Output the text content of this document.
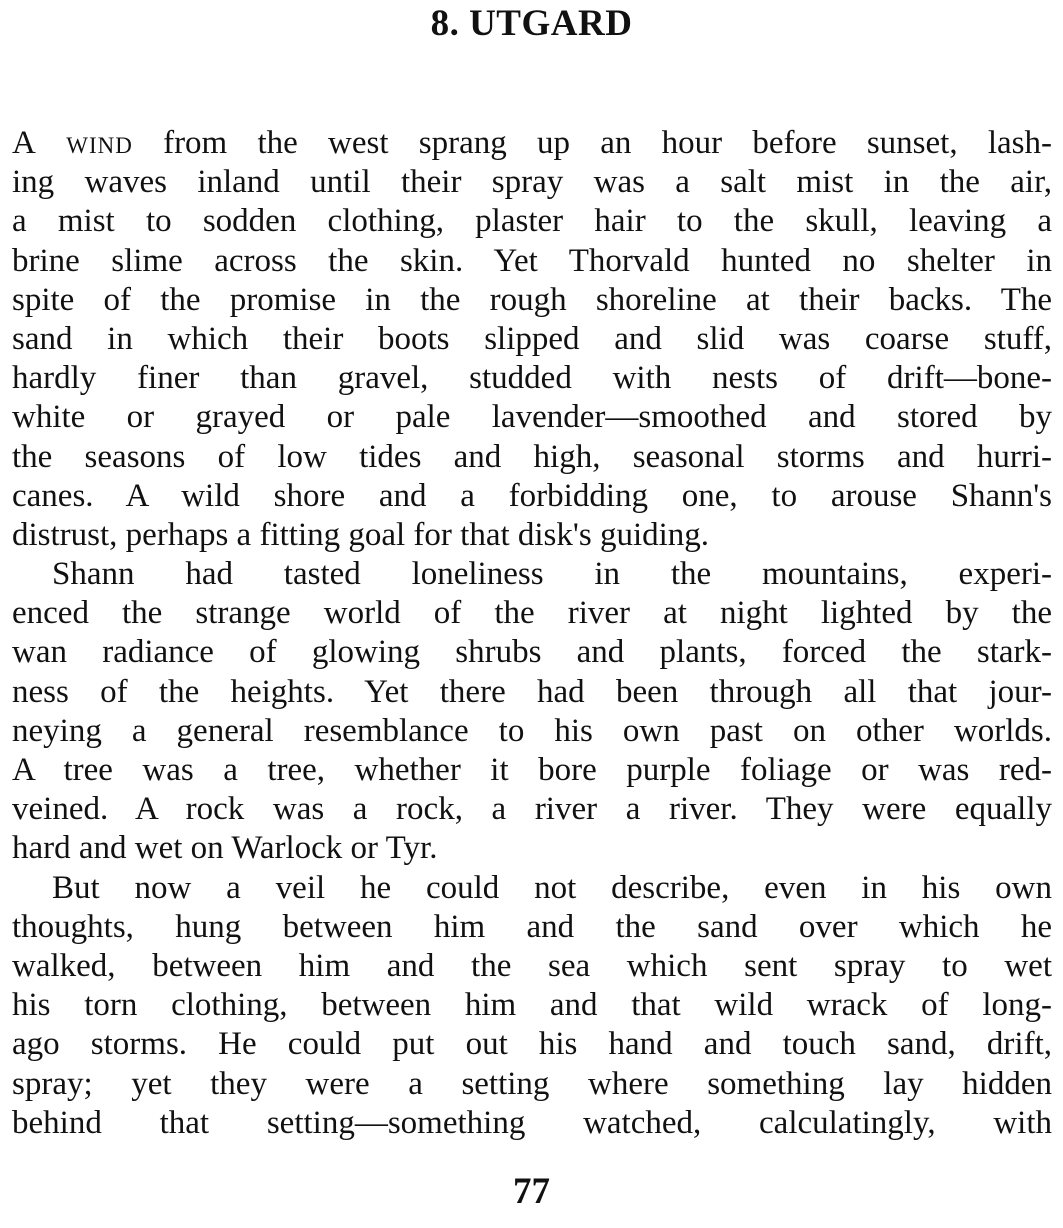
8. UTGARD
A wind from the west sprang up an hour before sunset, lash-
ing waves inland until their spray was a salt mist in the air,
a mist to sodden clothing, plaster hair to the skull, leaving a
brine slime across the skin. Yet Thorvald hunted no shelter in
spite of the promise in the rough shoreline at their backs. The
sand in which their boots slipped and slid was coarse stuff,
hardly finer than gravel, studded with nests of drift—bone-
white or grayed or pale lavender—smoothed and stored by
the seasons of low tides and high, seasonal storms and hurri-
canes. A wild shore and a forbidding one, to arouse Shann's
distrust, perhaps a fitting goal for that disk's guiding.
Shann had tasted loneliness in the mountains, experi-
enced the strange world of the river at night lighted by the
wan radiance of glowing shrubs and plants, forced the stark-
ness of the heights. Yet there had been through all that jour-
neying a general resemblance to his own past on other worlds.
A tree was a tree, whether it bore purple foliage or was red-
veined. A rock was a rock, a river a river. They were equally
hard and wet on Warlock or Tyr.
But now a veil he could not describe, even in his own
thoughts, hung between him and the sand over which he
walked, between him and the sea which sent spray to wet
his torn clothing, between him and that wild wrack of long-
ago storms. He could put out his hand and touch sand, drift,
spray; yet they were a setting where something lay hidden
behind that setting—something watched, calculatingly, with
77
